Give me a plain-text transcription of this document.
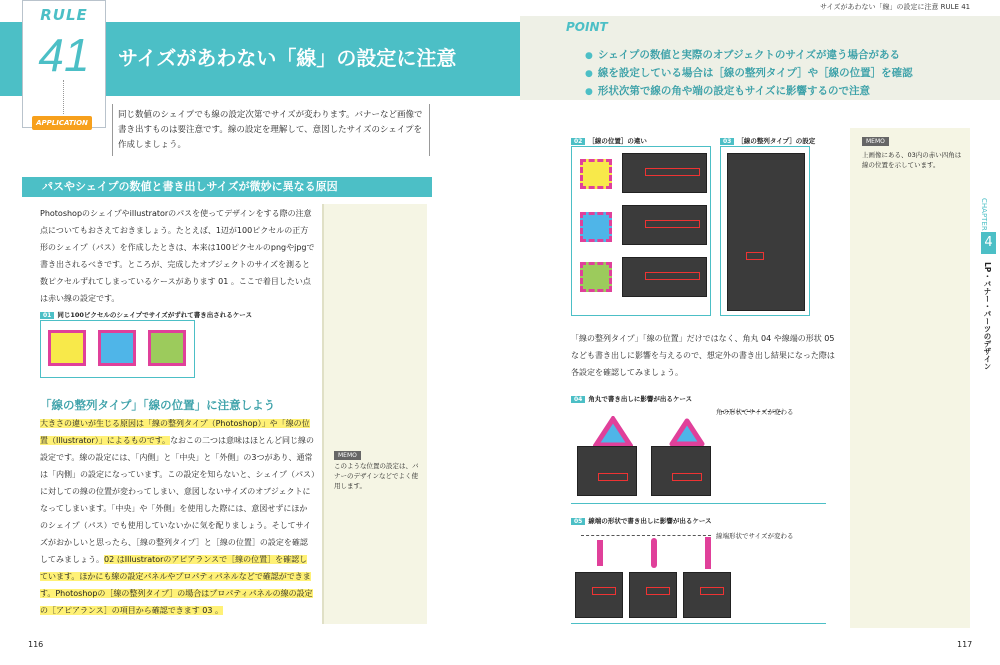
RULE
41
APPLICATION
サイズがあわない「線」の設定に注意
サイズがあわない「線」の設定に注意 RULE 41
同じ数値のシェイプでも線の設定次第でサイズが変わります。バナーなど画像で書き出すものは要注意です。線の設定を理解して、意図したサイズのシェイプを作成しましょう。
POINT
● シェイプの数値と実際のオブジェクトのサイズが違う場合がある
● 線を設定している場合は［線の整列タイプ］や［線の位置］を確認
● 形状次第で線の角や端の設定もサイズに影響するので注意
パスやシェイプの数値と書き出しサイズが微妙に異なる原因
Photoshopのシェイプやillustratorのパスを使ってデザインをする際の注意点についてもおさえておきましょう。たとえば、1辺が100ピクセルの正方形のシェイプ（パス）を作成したときは、本来は100ピクセルのpngやjpgで書き出されるべきです。ところが、完成したオブジェクトのサイズを測ると数ピクセルずれてしまっているケースがあります 01 。ここで着目したい点は赤い線の設定です。
01 同じ100ピクセルのシェイプでサイズがずれて書き出されるケース
「線の整列タイプ」「線の位置」に注意しよう
大きさの違いが生じる原因は「線の整列タイプ（Photoshop）」や「線の位置（Illustrator）」によるものです。なおこの二つは意味はほとんど同じ線の設定です。線の設定には、「内側」と「中央」と「外側」の3つがあり、通常は「内側」の設定になっています。この設定を知らないと、シェイプ（パス）に対しての線の位置が変わってしまい、意図しないサイズのオブジェクトになってしまいます。「中央」や「外側」を使用した際には、意図せずにほかのシェイプ（パス）でも使用していないかに気を配りましょう。そしてサイズがおかしいと思ったら、［線の整列タイプ］と［線の位置］の設定を確認してみましょう。02 はIllustratorのアピアランスで［線の位置］を確認しています。ほかにも線の設定パネルやプロパティパネルなどで確認ができます。Photoshopの［線の整列タイプ］の場合はプロパティパネルの線の設定の［アピアランス］の項目から確認できます 03 。
MEMO
このような位置の設定は、バナーのデザインなどでよく使用します。
116
02 ［線の位置］の違い	03 ［線の整列タイプ］の設定	MEMO
上画像にある、03内の赤い四角は線の位置を示しています。
「線の整列タイプ」「線の位置」だけではなく、角丸 04 や線端の形状 05 なども書き出しに影響を与えるので、想定外の書き出し結果になった際は各設定を確認してみましょう。
04 角丸で書き出しに影響が出るケース
角の形状でサイズが変わる
05 線端の形状で書き出しに影響が出るケース
線端形状でサイズが変わる
CHAPTER
4
LP・バナー・パーツのデザイン
117
